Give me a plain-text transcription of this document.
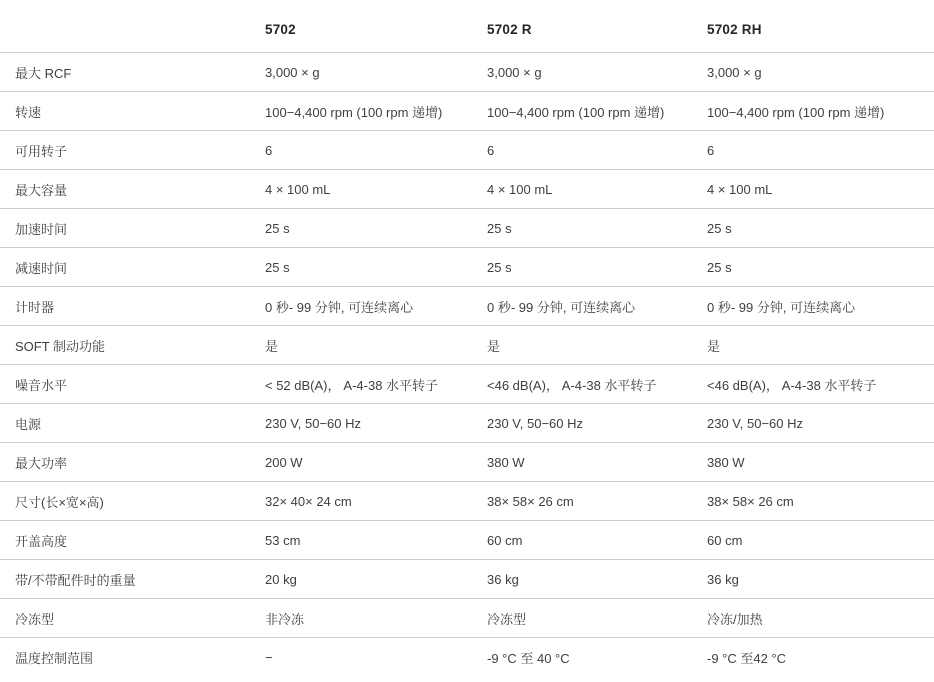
	5702	5702 R	5702 RH
最大 RCF	3,000 × g	3,000 × g	3,000 × g
转速	100−4,400 rpm (100 rpm 递增)	100−4,400 rpm (100 rpm 递增)	100−4,400 rpm (100 rpm 递增)
可用转子	6	6	6
最大容量	4 × 100 mL	4 × 100 mL	4 × 100 mL
加速时间	25 s	25 s	25 s
减速时间	25 s	25 s	25 s
计时器	0 秒- 99 分钟, 可连续离心	0 秒- 99 分钟, 可连续离心	0 秒- 99 分钟, 可连续离心
SOFT 制动功能	是	是	是
噪音水平	< 52 dB(A)， A-4-38 水平转子	<46 dB(A)， A-4-38 水平转子	<46 dB(A)， A-4-38 水平转子
电源	230 V, 50−60 Hz	230 V, 50−60 Hz	230 V, 50−60 Hz
最大功率	200 W	380 W	380 W
尺寸(长×宽×高)	32× 40× 24 cm	38× 58× 26 cm	38× 58× 26 cm
开盖高度	53 cm	60 cm	60 cm
带/不带配件时的重量	20 kg	36 kg	36 kg
冷冻型	非冷冻	冷冻型	冷冻/加热
温度控制范围	−	-9 °C 至 40 °C	-9 °C 至42 °C
